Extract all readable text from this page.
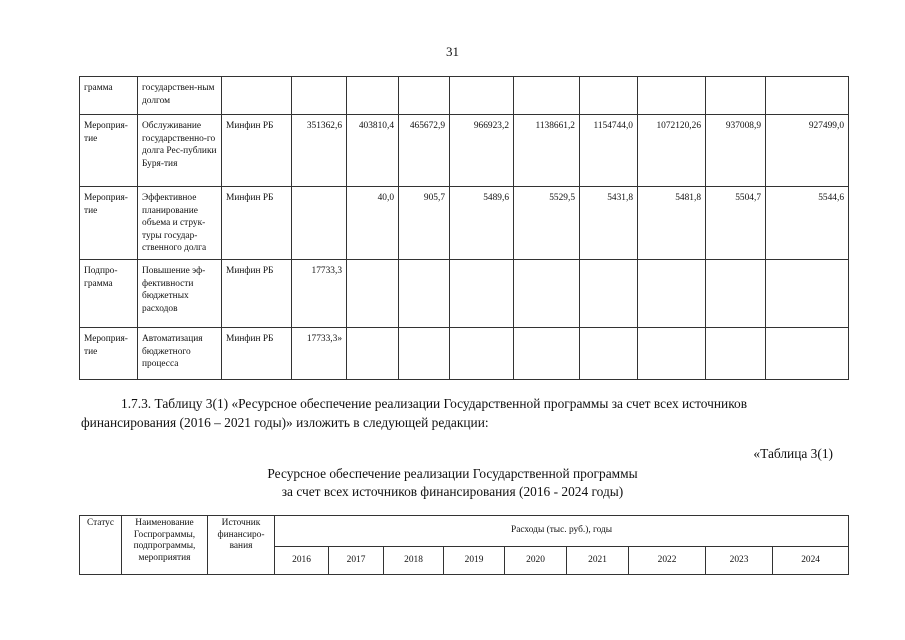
31
грамма	государствен-ным долгом										
Мероприя-тие	Обслуживание государственно-го долга Рес-публики Буря-тия	Минфин РБ	351362,6	403810,4	465672,9	966923,2	1138661,2	1154744,0	1072120,26	937008,9	927499,0
Мероприя-тие	Эффективное планирование объема и струк-туры государ-ственного долга	Минфин РБ		40,0	905,7	5489,6	5529,5	5431,8	5481,8	5504,7	5544,6
Подпро-грамма	Повышение эф-фективности бюджетных расходов	Минфин РБ	17733,3								
Мероприя-тие	Автоматизация бюджетного процесса	Минфин РБ	17733,3»								
1.7.3. Таблицу 3(1) «Ресурсное обеспечение реализации Государственной программы за счет всех источников финансирования (2016 – 2021 годы)» изложить в следующей редакции:
«Таблица 3(1)
Ресурсное обеспечение реализации Государственной программы
за счет всех источников финансирования (2016 - 2024 годы)
Статус	Наименование Госпрограммы, подпрограммы, мероприятия	Источник финансиро-вания	Расходы (тыс. руб.), годы								
			2016	2017	2018	2019	2020	2021	2022	2023	2024
